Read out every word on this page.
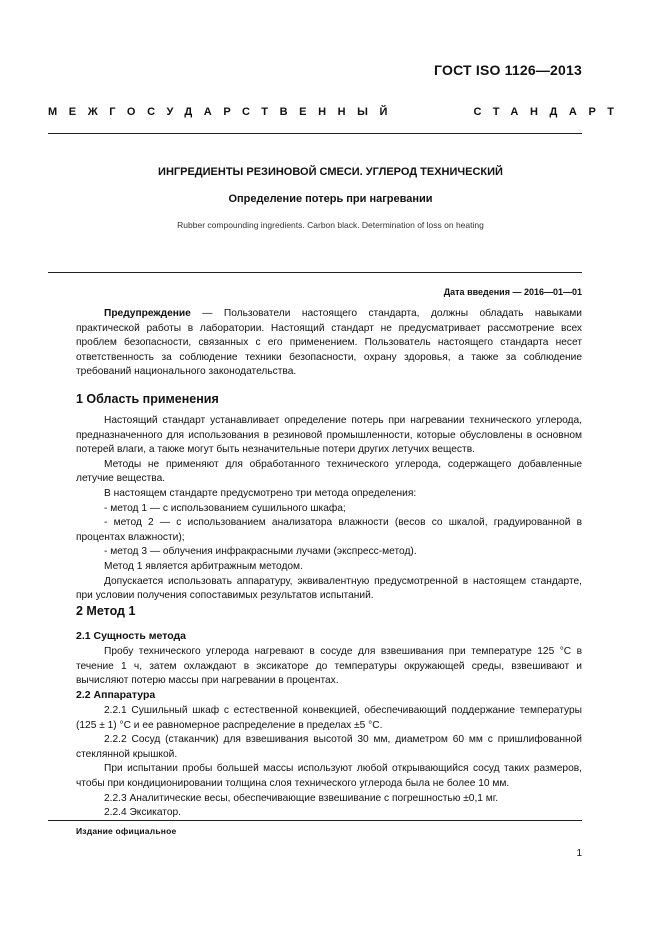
ГОСТ ISO 1126—2013
МЕЖГОСУДАРСТВЕННЫЙ	СТАНДАРТ
ИНГРЕДИЕНТЫ РЕЗИНОВОЙ СМЕСИ. УГЛЕРОД ТЕХНИЧЕСКИЙ
Определение потерь при нагревании
Rubber compounding ingredients. Carbon black. Determination of loss on heating
Дата введения — 2016—01—01

Предупреждение — Пользователи настоящего стандарта, должны обладать навыками практической работы в лаборатории. Настоящий стандарт не предусматривает рассмотрение всех проблем безопасности, связанных с его применением. Пользователь настоящего стандарта несет ответственность за соблюдение техники безопасности, охрану здоровья, а также за соблюдение требований национального законодательства.

1 Область применения

Настоящий стандарт устанавливает определение потерь при нагревании технического углерода, предназначенного для использования в резиновой промышленности, которые обусловлены в основном потерей влаги, а также могут быть незначительные потери других летучих веществ.

Методы не применяют для обработанного технического углерода, содержащего добавленные летучие вещества.

В настоящем стандарте предусмотрено три метода определения:

- метод 1 — с использованием сушильного шкафа;

- метод 2 — с использованием анализатора влажности (весов со шкалой, градуированной в процентах влажности);

- метод 3 — облучения инфракрасными лучами (экспресс-метод).

Метод 1 является арбитражным методом.

Допускается использовать аппаратуру, эквивалентную предусмотренной в настоящем стандарте, при условии получения сопоставимых результатов испытаний.

2 Метод 1
2.1 Сущность метода

Пробу технического углерода нагревают в сосуде для взвешивания при температуре 125 °С в течение 1 ч, затем охлаждают в эксикаторе до температуры окружающей среды, взвешивают и вычисляют потерю массы при нагревании в процентах.

2.2 Аппаратура

2.2.1 Сушильный шкаф с естественной конвекцией, обеспечивающий поддержание температуры (125 ± 1) °С и ее равномерное распределение в пределах ±5 °С.

2.2.2 Сосуд (стаканчик) для взвешивания высотой 30 мм, диаметром 60 мм с пришлифованной стеклянной крышкой.

При испытании пробы большей массы используют любой открывающийся сосуд таких размеров, чтобы при кондиционировании толщина слоя технического углерода была не более 10 мм.

2.2.3 Аналитические весы, обеспечивающие взвешивание с погрешностью ±0,1 мг.

2.2.4 Эксикатор.

Издание официальное
1
